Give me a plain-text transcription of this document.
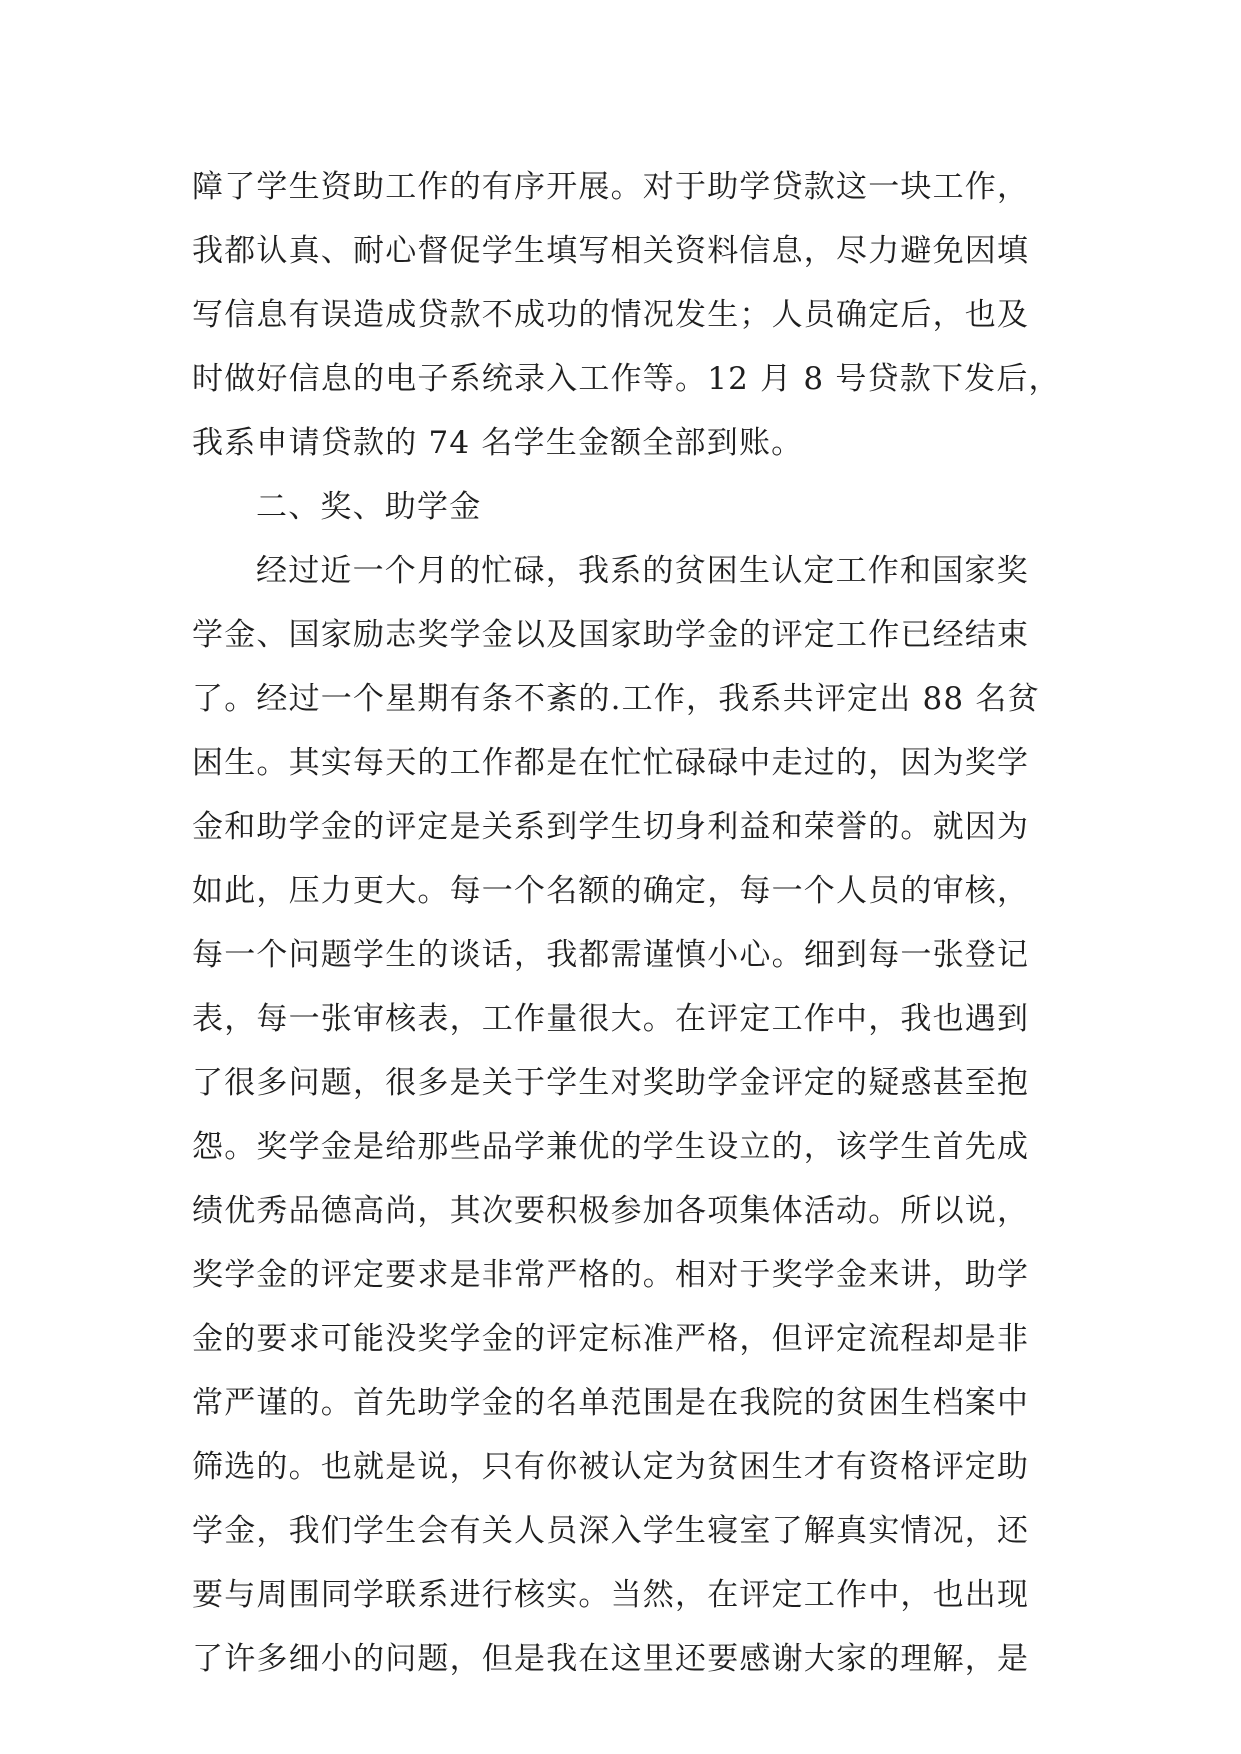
障了学生资助工作的有序开展。对于助学贷款这一块工作，
我都认真、耐心督促学生填写相关资料信息，尽力避免因填
写信息有误造成贷款不成功的情况发生；人员确定后，也及
时做好信息的电子系统录入工作等。12 月 8 号贷款下发后，
我系申请贷款的 74 名学生金额全部到账。
二、奖、助学金
经过近一个月的忙碌，我系的贫困生认定工作和国家奖
学金、国家励志奖学金以及国家助学金的评定工作已经结束
了。经过一个星期有条不紊的.工作，我系共评定出 88 名贫
困生。其实每天的工作都是在忙忙碌碌中走过的，因为奖学
金和助学金的评定是关系到学生切身利益和荣誉的。就因为
如此，压力更大。每一个名额的确定，每一个人员的审核，
每一个问题学生的谈话，我都需谨慎小心。细到每一张登记
表，每一张审核表，工作量很大。在评定工作中，我也遇到
了很多问题，很多是关于学生对奖助学金评定的疑惑甚至抱
怨。奖学金是给那些品学兼优的学生设立的，该学生首先成
绩优秀品德高尚，其次要积极参加各项集体活动。所以说，
奖学金的评定要求是非常严格的。相对于奖学金来讲，助学
金的要求可能没奖学金的评定标准严格，但评定流程却是非
常严谨的。首先助学金的名单范围是在我院的贫困生档案中
筛选的。也就是说，只有你被认定为贫困生才有资格评定助
学金，我们学生会有关人员深入学生寝室了解真实情况，还
要与周围同学联系进行核实。当然，在评定工作中，也出现
了许多细小的问题，但是我在这里还要感谢大家的理解，是
